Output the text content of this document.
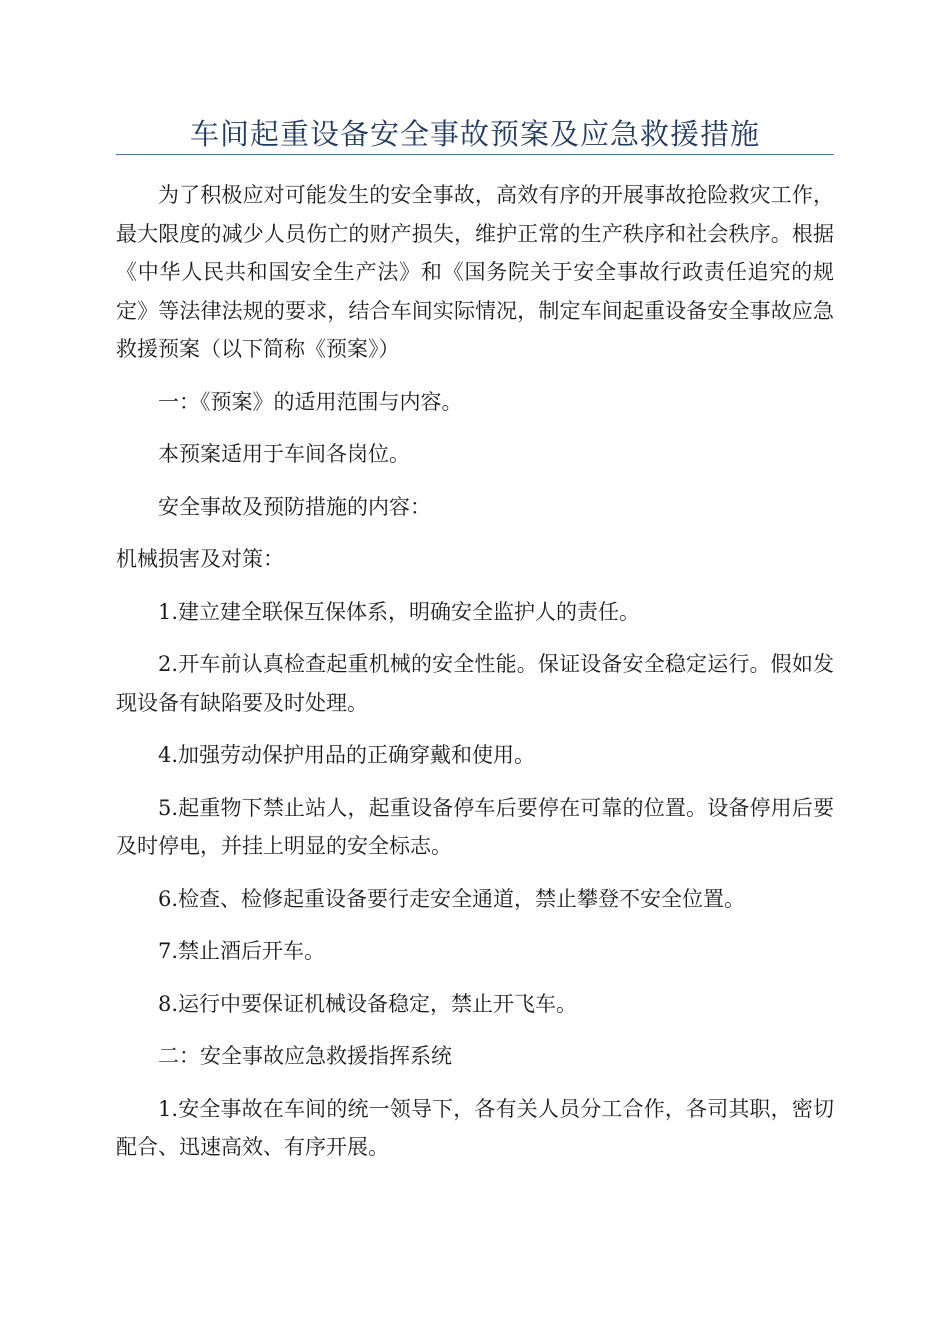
车间起重设备安全事故预案及应急救援措施

为了积极应对可能发生的安全事故，高效有序的开展事故抢险救灾工作，最大限度的减少人员伤亡的财产损失，维护正常的生产秩序和社会秩序。根据《中华人民共和国安全生产法》和《国务院关于安全事故行政责任追究的规定》等法律法规的要求，结合车间实际情况，制定车间起重设备安全事故应急救援预案（以下简称《预案》）

一：《预案》的适用范围与内容。

本预案适用于车间各岗位。

安全事故及预防措施的内容：

机械损害及对策：

1.建立建全联保互保体系，明确安全监护人的责任。

2.开车前认真检查起重机械的安全性能。保证设备安全稳定运行。假如发现设备有缺陷要及时处理。

4.加强劳动保护用品的正确穿戴和使用。

5.起重物下禁止站人，起重设备停车后要停在可靠的位置。设备停用后要及时停电，并挂上明显的安全标志。

6.检查、检修起重设备要行走安全通道，禁止攀登不安全位置。

7.禁止酒后开车。

8.运行中要保证机械设备稳定，禁止开飞车。

二：安全事故应急救援指挥系统

1.安全事故在车间的统一领导下，各有关人员分工合作，各司其职，密切配合、迅速高效、有序开展。
